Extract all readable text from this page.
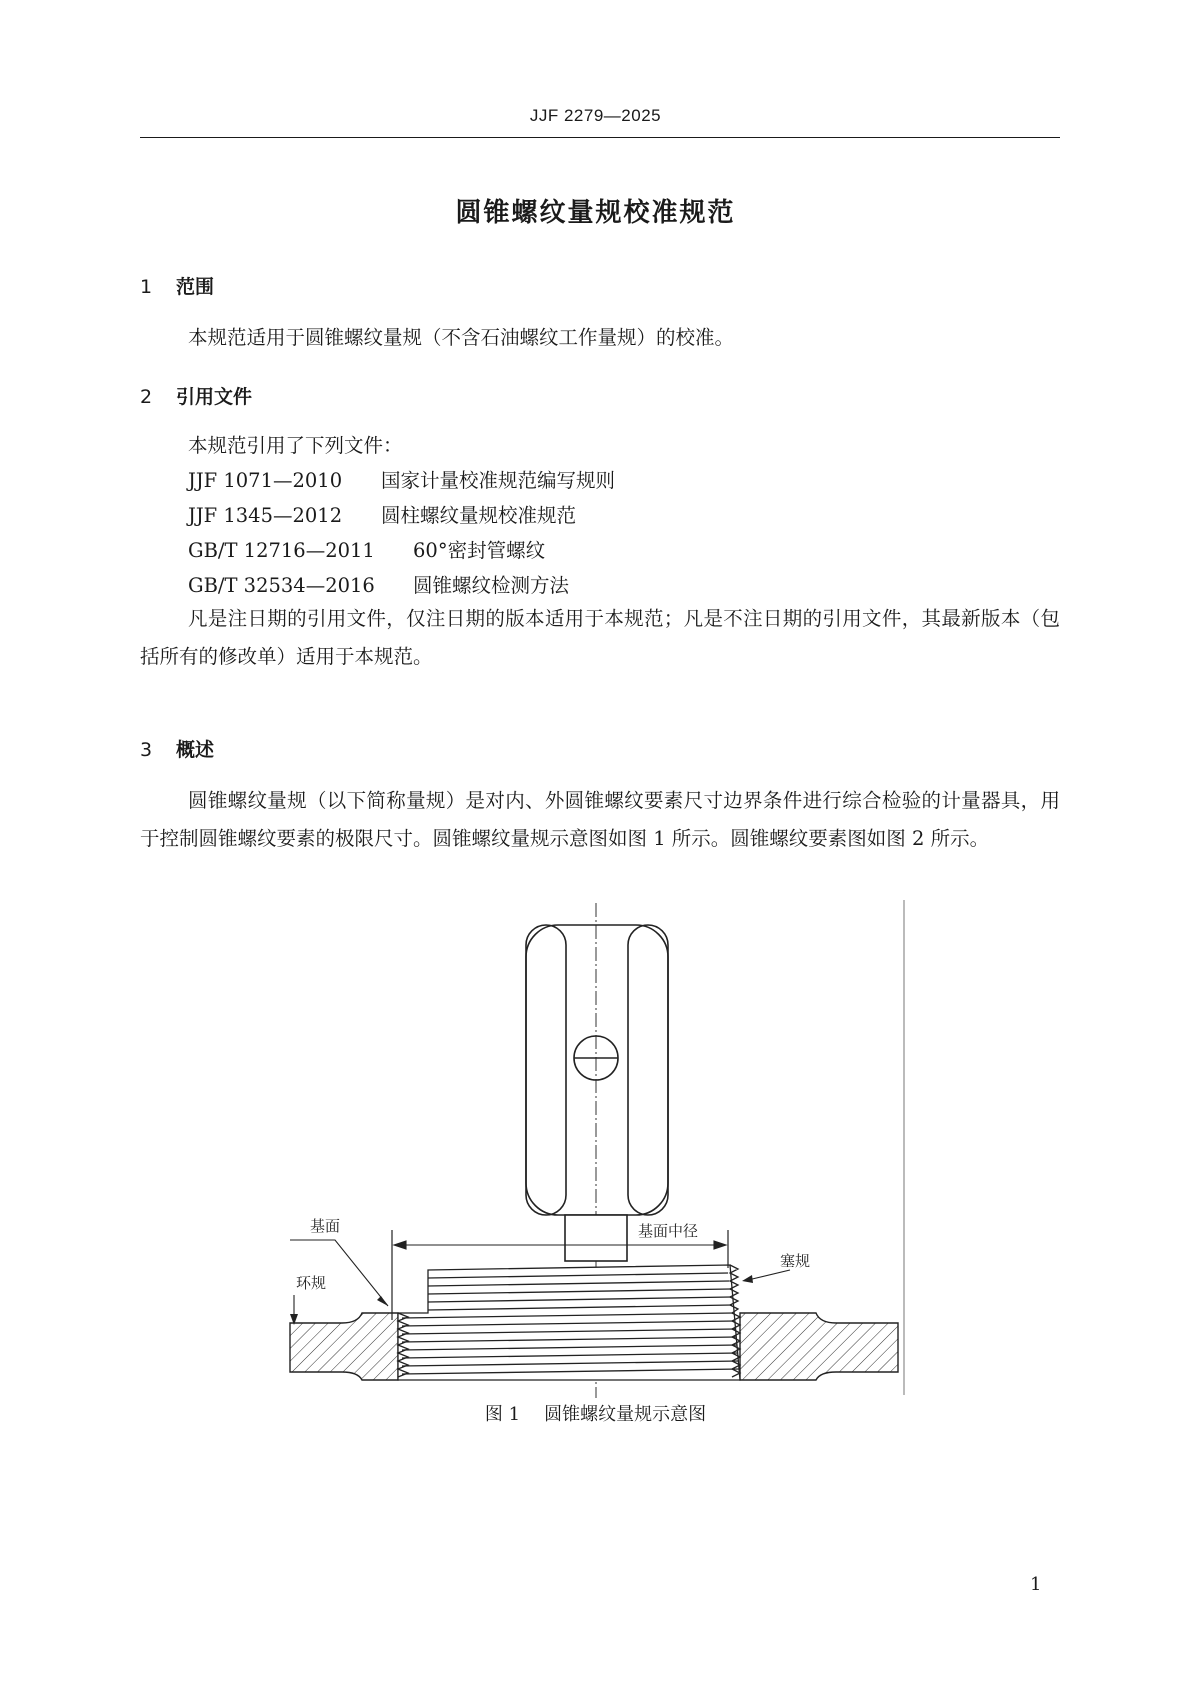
JJF 2279—2025
圆锥螺纹量规校准规范
1 范围
本规范适用于圆锥螺纹量规（不含石油螺纹工作量规）的校准。
2 引用文件
本规范引用了下列文件：
JJF 1071—2010 国家计量校准规范编写规则
JJF 1345—2012 圆柱螺纹量规校准规范
GB/T 12716—2011 60°密封管螺纹
GB/T 32534—2016 圆锥螺纹检测方法
凡是注日期的引用文件，仅注日期的版本适用于本规范；凡是不注日期的引用文件，其最新版本（包括所有的修改单）适用于本规范。
3 概述
圆锥螺纹量规（以下简称量规）是对内、外圆锥螺纹要素尺寸边界条件进行综合检验的计量器具，用于控制圆锥螺纹要素的极限尺寸。圆锥螺纹量规示意图如图 1 所示。圆锥螺纹要素图如图 2 所示。
基面
环规
基面中径
塞规
图 1 圆锥螺纹量规示意图
1
